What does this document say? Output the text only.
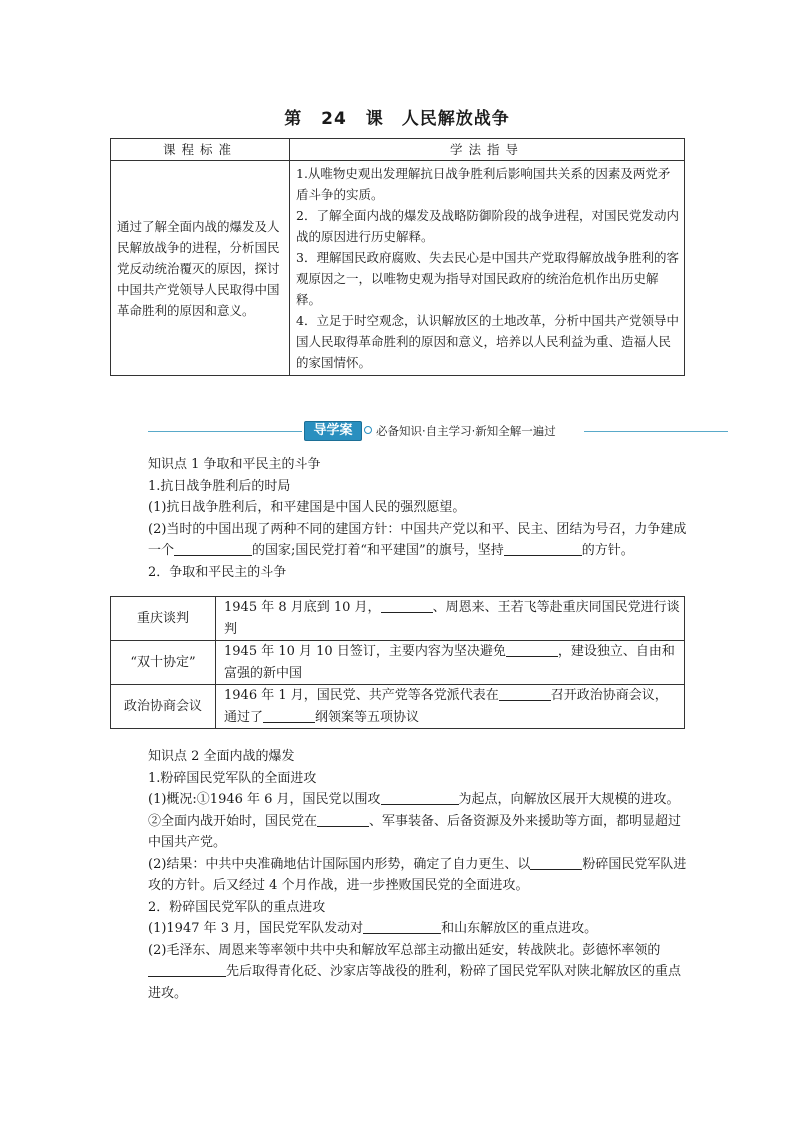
第 24 课　人民解放战争
课程标准	学法指导
通过了解全面内战的爆发及人民解放战争的进程，分析国民党反动统治覆灭的原因，探讨中国共产党领导人民取得中国革命胜利的原因和意义。	1.从唯物史观出发理解抗日战争胜利后影响国共关系的因素及两党矛盾斗争的实质。

2．了解全面内战的爆发及战略防御阶段的战争进程，对国民党发动内战的原因进行历史解释。

3．理解国民政府腐败、失去民心是中国共产党取得解放战争胜利的客观原因之一，以唯物史观为指导对国民政府的统治危机作出历史解释。

4．立足于时空观念，认识解放区的土地改革，分析中国共产党领导中国人民取得革命胜利的原因和意义，培养以人民利益为重、造福人民的家国情怀。

导学案	必备知识·自主学习·新知全解一遍过

知识点 1 争取和平民主的斗争

1.抗日战争胜利后的时局

(1)抗日战争胜利后，和平建国是中国人民的强烈愿望。

(2)当时的中国出现了两种不同的建国方针：中国共产党以和平、民主、团结为号召，力争建成一个	的国家;国民党打着“和平建国”的旗号，坚持	的方针。

2．争取和平民主的斗争

重庆谈判	1945 年 8 月底到 10 月， 、周恩来、王若飞等赴重庆同国民党进行谈判
“双十协定”	1945 年 10 月 10 日签订，主要内容为坚决避免 ，建设独立、自由和富强的新中国
政治协商会议	1946 年 1 月，国民党、共产党等各党派代表在 召开政治协商会议，通过了 纲领案等五项协议

知识点 2 全面内战的爆发

1.粉碎国民党军队的全面进攻

(1)概况:①1946 年 6 月，国民党以围攻	为起点，向解放区展开大规模的进攻。

②全面内战开始时，国民党在	、军事装备、后备资源及外来援助等方面，都明显超过中国共产党。

(2)结果：中共中央准确地估计国际国内形势，确定了自力更生、以	粉碎国民党军队进攻的方针。后又经过 4 个月作战，进一步挫败国民党的全面进攻。

2．粉碎国民党军队的重点进攻

(1)1947 年 3 月，国民党军队发动对	和山东解放区的重点进攻。

(2)毛泽东、周恩来等率领中共中央和解放军总部主动撤出延安，转战陕北。彭德怀率领的先后取得青化砭、沙家店等战役的胜利，粉碎了国民党军队对陕北解放区的重点进攻。
